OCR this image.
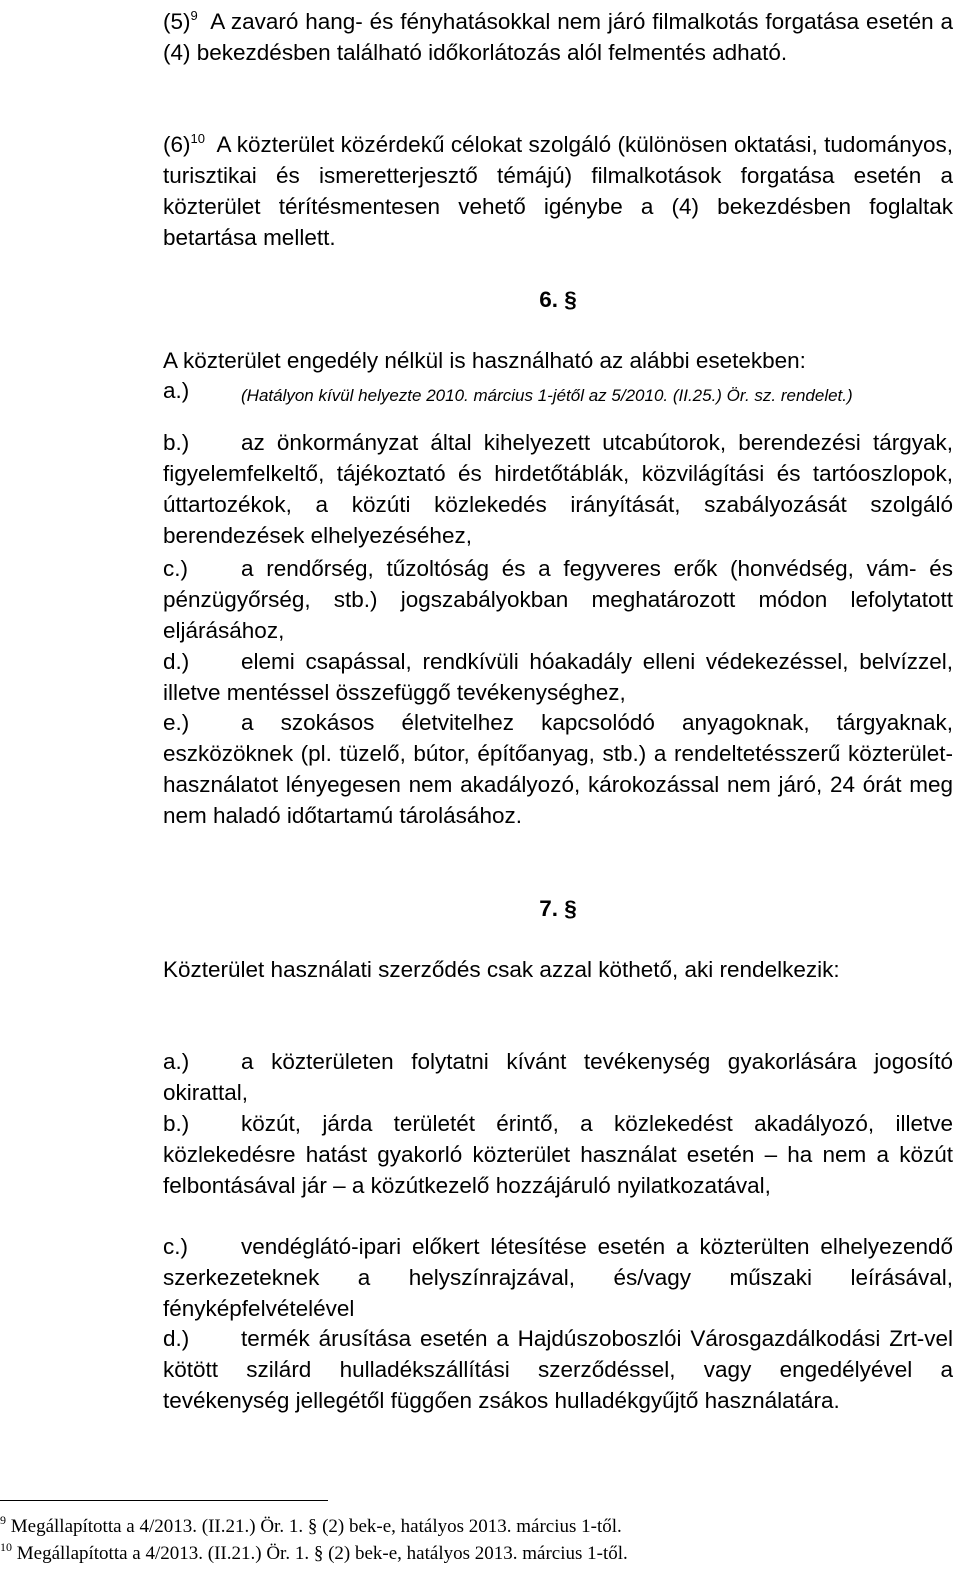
$(5)^9$ A zavaró hang- és fényhatásokkal nem járó filmalkotás forgatása esetén a (4) bekezdésben található időkorlátozás alól felmentés adható.

$(6)^{10}$ A közterület közérdekű célokat szolgáló (különösen oktatási, tudományos, turisztikai és ismeretterjesztő témájú) filmalkotások forgatása esetén a közterület térítésmentesen vehető igénybe a (4) bekezdésben foglaltak betartása mellett.

6. §

A közterület engedély nélkül is használható az alábbi esetekben:

a.)	(Hatályon kívül helyezte 2010. március 1-jétől az 5/2010. (II.25.) Ör. sz. rendelet.)

b.) az önkormányzat által kihelyezett utcabútorok, berendezési tárgyak, figyelemfelkeltő, tájékoztató és hirdetőtáblák, közvilágítási és tartóoszlopok, úttartozékok, a közúti közlekedés irányítását, szabályozását szolgáló berendezések elhelyezéséhez,

c.) a rendőrség, tűzoltóság és a fegyveres erők (honvédség, vám- és pénzügyőrség, stb.) jogszabályokban meghatározott módon lefolytatott eljárásához,

d.) elemi csapással, rendkívüli hóakadály elleni védekezéssel, belvízzel, illetve mentéssel összefüggő tevékenységhez,

e.) a szokásos életvitelhez kapcsolódó anyagoknak, tárgyaknak, eszközöknek (pl. tüzelő, bútor, építőanyag, stb.) a rendeltetésszerű közterület-használatot lényegesen nem akadályozó, károkozással nem járó, 24 órát meg nem haladó időtartamú tárolásához.

7. §

Közterület használati szerződés csak azzal köthető, aki rendelkezik:

a.) a közterületen folytatni kívánt tevékenység gyakorlására jogosító okirattal,

b.) közút, járda területét érintő, a közlekedést akadályozó, illetve közlekedésre hatást gyakorló közterület használat esetén – ha nem a közút felbontásával jár – a közútkezelő hozzájáruló nyilatkozatával,

c.) vendéglátó-ipari előkert létesítése esetén a közterülten elhelyezendő szerkezeteknek a helyszínrajzával, és/vagy műszaki leírásával, fényképfelvételével

d.) termék árusítása esetén a Hajdúszoboszlói Városgazdálkodási Zrt-vel kötött szilárd hulladékszállítási szerződéssel, vagy engedélyével a tevékenység jellegétől függően zsákos hulladékgyűjtő használatára.

$^9$ Megállapította a 4/2013. (II.21.) Ör. 1. § (2) bek-e, hatályos 2013. március 1-től.
$^{10}$ Megállapította a 4/2013. (II.21.) Ör. 1. § (2) bek-e, hatályos 2013. március 1-től.
